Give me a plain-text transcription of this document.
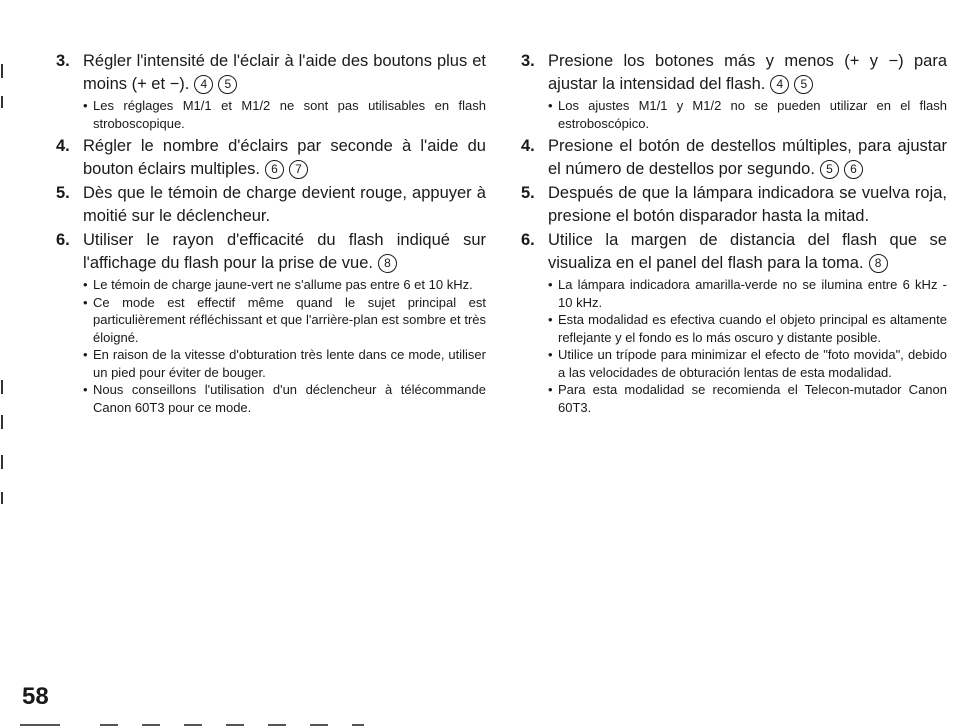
3. Régler l'intensité de l'éclair à l'aide des boutons plus et moins (+ et −). 4 5
• Les réglages M1/1 et M1/2 ne sont pas utilisables en flash stroboscopique.
4. Régler le nombre d'éclairs par seconde à l'aide du bouton éclairs multiples. 6 7
5. Dès que le témoin de charge devient rouge, appuyer à moitié sur le déclencheur.
6. Utiliser le rayon d'efficacité du flash indiqué sur l'affichage du flash pour la prise de vue. 8
• Le témoin de charge jaune-vert ne s'allume pas entre 6 et 10 kHz.
• Ce mode est effectif même quand le sujet principal est particulièrement réfléchissant et que l'arrière-plan est sombre et très éloigné.
• En raison de la vitesse d'obturation très lente dans ce mode, utiliser un pied pour éviter de bouger.
• Nous conseillons l'utilisation d'un déclencheur à télécommande Canon 60T3 pour ce mode.
3. Presione los botones más y menos (+ y −) para ajustar la intensidad del flash. 4 5
• Los ajustes M1/1 y M1/2 no se pueden utilizar en el flash estroboscópico.
4. Presione el botón de destellos múltiples, para ajustar el número de destellos por segundo. 5 6
5. Después de que la lámpara indicadora se vuelva roja, presione el botón disparador hasta la mitad.
6. Utilice la margen de distancia del flash que se visualiza en el panel del flash para la toma. 8
• La lámpara indicadora amarilla-verde no se ilumina entre 6 kHz - 10 kHz.
• Esta modalidad es efectiva cuando el objeto principal es altamente reflejante y el fondo es lo más oscuro y distante posible.
• Utilice un trípode para minimizar el efecto de "foto movida", debido a las velocidades de obturación lentas de esta modalidad.
• Para esta modalidad se recomienda el Telecon-mutador Canon 60T3.
58
